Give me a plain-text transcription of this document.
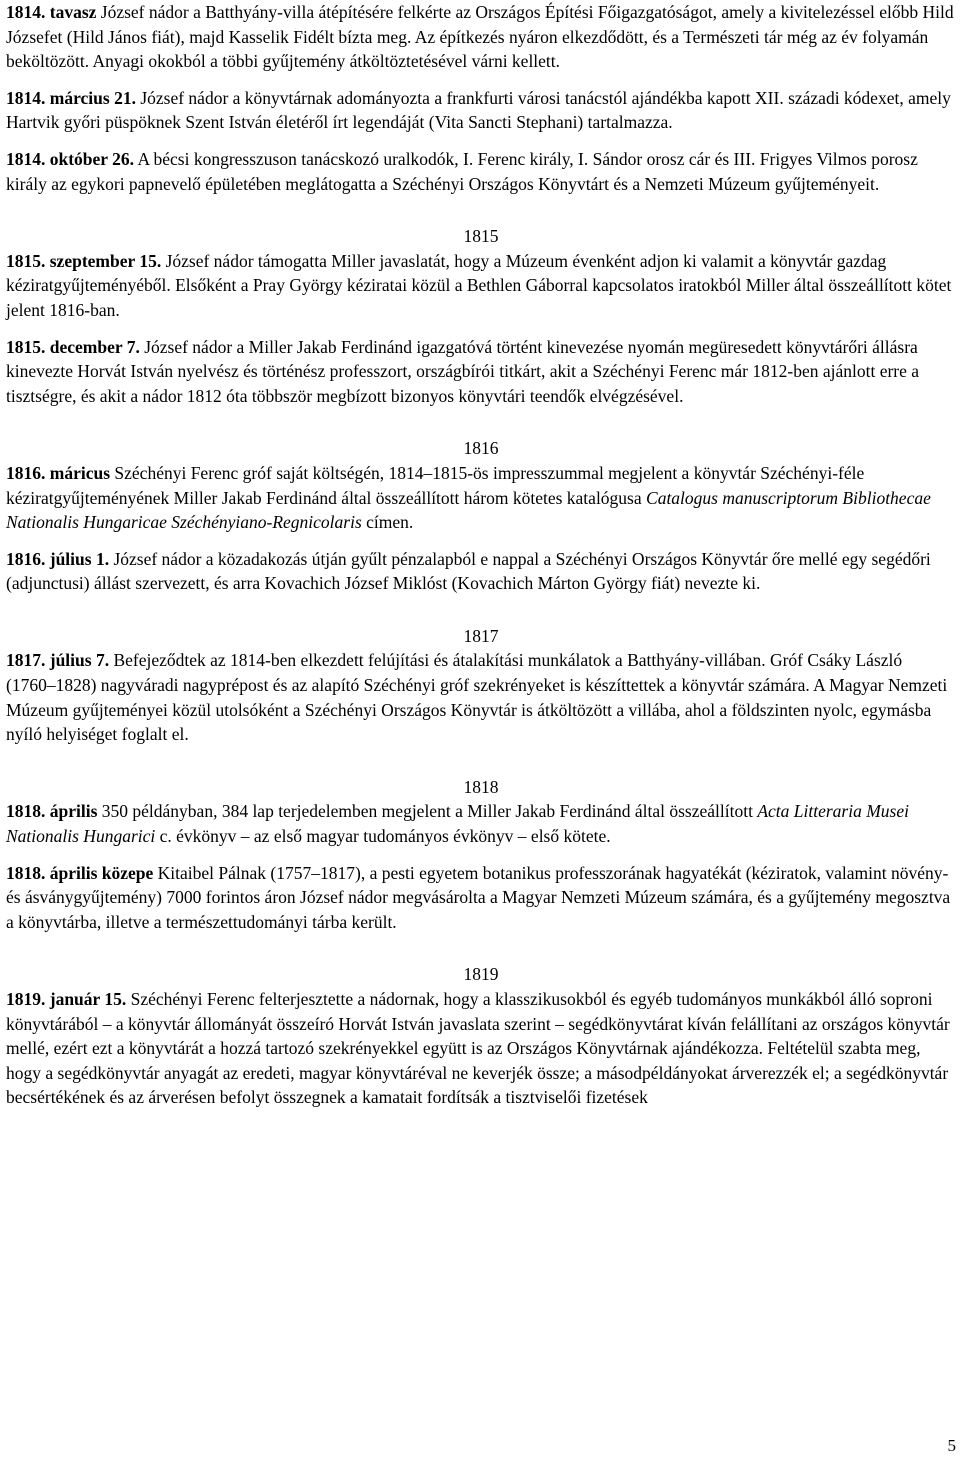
1814. tavasz József nádor a Batthyány-villa átépítésére felkérte az Országos Építési Főigazgatóságot, amely a kivitelezéssel előbb Hild Józsefet (Hild János fiát), majd Kasselik Fidélt bízta meg. Az építkezés nyáron elkezdődött, és a Természeti tár még az év folyamán beköltözött. Anyagi okokból a többi gyűjtemény átköltöztetésével várni kellett.

1814. március 21. József nádor a könyvtárnak adományozta a frankfurti városi tanácstól ajándékba kapott XII. századi kódexet, amely Hartvik győri püspöknek Szent István életéről írt legendáját (Vita Sancti Stephani) tartalmazza.

1814. október 26. A bécsi kongresszuson tanácskozó uralkodók, I. Ferenc király, I. Sándor orosz cár és III. Frigyes Vilmos porosz király az egykori papnevelő épületében meglátogatta a Széchényi Országos Könyvtárt és a Nemzeti Múzeum gyűjteményeit.

1815

1815. szeptember 15. József nádor támogatta Miller javaslatát, hogy a Múzeum évenként adjon ki valamit a könyvtár gazdag kéziratgyűjteményéből. Elsőként a Pray György kéziratai közül a Bethlen Gáborral kapcsolatos iratokból Miller által összeállított kötet jelent 1816-ban.

1815. december 7. József nádor a Miller Jakab Ferdinánd igazgatóvá történt kinevezése nyomán megüresedett könyvtárőri állásra kinevezte Horvát István nyelvész és történész professzort, országbírói titkárt, akit a Széchényi Ferenc már 1812-ben ajánlott erre a tisztségre, és akit a nádor 1812 óta többször megbízott bizonyos könyvtári teendők elvégzésével.

1816

1816. máricus Széchényi Ferenc gróf saját költségén, 1814–1815-ös impresszummal megjelent a könyvtár Széchényi-féle kéziratgyűjteményének Miller Jakab Ferdinánd által összeállított három kötetes katalógusa Catalogus manuscriptorum Bibliothecae Nationalis Hungaricae Széchényiano-Regnicolaris címen.

1816. július 1. József nádor a közadakozás útján gyűlt pénzalapból e nappal a Széchényi Országos Könyvtár őre mellé egy segédőri (adjunctusi) állást szervezett, és arra Kovachich József Miklóst (Kovachich Márton György fiát) nevezte ki.

1817

1817. július 7. Befejeződtek az 1814-ben elkezdett felújítási és átalakítási munkálatok a Batthyány-villában. Gróf Csáky László (1760–1828) nagyváradi nagyprépost és az alapító Széchényi gróf szekrényeket is készíttettek a könyvtár számára. A Magyar Nemzeti Múzeum gyűjteményei közül utolsóként a Széchényi Országos Könyvtár is átköltözött a villába, ahol a földszinten nyolc, egymásba nyíló helyiséget foglalt el.

1818

1818. április 350 példányban, 384 lap terjedelemben megjelent a Miller Jakab Ferdinánd által összeállított Acta Litteraria Musei Nationalis Hungarici c. évkönyv – az első magyar tudományos évkönyv – első kötete.

1818. április közepe Kitaibel Pálnak (1757–1817), a pesti egyetem botanikus professzorának hagyatékát (kéziratok, valamint növény- és ásványgyűjtemény) 7000 forintos áron József nádor megvásárolta a Magyar Nemzeti Múzeum számára, és a gyűjtemény megosztva a könyvtárba, illetve a természettudományi tárba került.

1819

1819. január 15. Széchényi Ferenc felterjesztette a nádornak, hogy a klasszikusokból és egyéb tudományos munkákból álló soproni könyvtárából – a könyvtár állományát összeíró Horvát István javaslata szerint – segédkönyvtárat kíván felállítani az országos könyvtár mellé, ezért ezt a könyvtárát a hozzá tartozó szekrényekkel együtt is az Országos Könyvtárnak ajándékozza. Feltételül szabta meg, hogy a segédkönyvtár anyagát az eredeti, magyar könyvtáréval ne keverjék össze; a másodpéldányokat árverezzék el; a segédkönyvtár becsértékének és az árverésen befolyt összegnek a kamatait fordítsák a tisztviselői fizetések

5
